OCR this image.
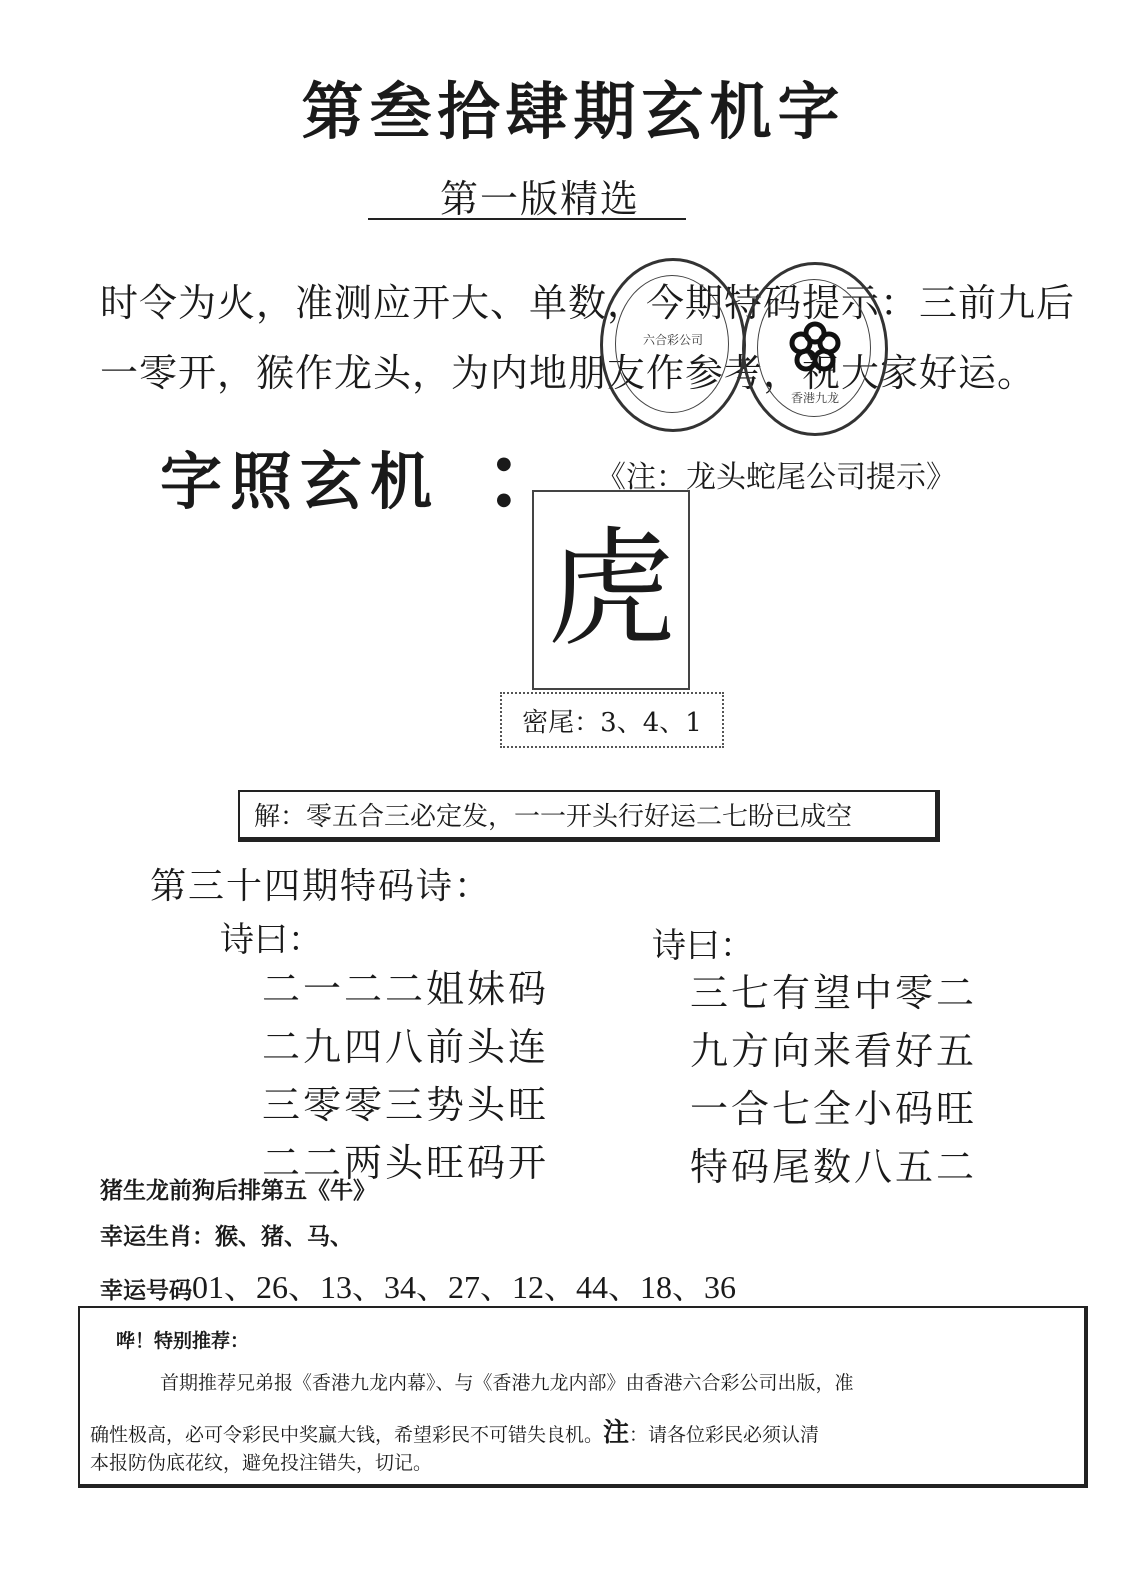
第叁拾肆期玄机字
第一版精选
时令为火，准测应开大、单数，今期特码提示：三前九后一零开，猴作龙头，为内地朋友作参考，祝大家好运。
六合彩公司
香港九龙
字照玄机	●

●
《注：龙头蛇尾公司提示》
虎
密尾：3、4、1
解：零五合三必定发，一一开头行好运二七盼已成空
第三十四期特码诗：
诗曰：	诗曰：
二一二二姐妹码
二九四八前头连
三零零三势头旺
二二两头旺码开
三七有望中零二
九方向来看好五
一合七全小码旺
特码尾数八五二
猪生龙前狗后排第五《牛》
幸运生肖：猴、猪、马、
幸运号码01、26、13、34、27、12、44、18、36
哗！特别推荐：
首期推荐兄弟报《香港九龙内幕》、与《香港九龙内部》由香港六合彩公司出版，准
确性极高，必可令彩民中奖赢大钱，希望彩民不可错失良机。注：请各位彩民必须认清
本报防伪底花纹，避免投注错失，切记。
